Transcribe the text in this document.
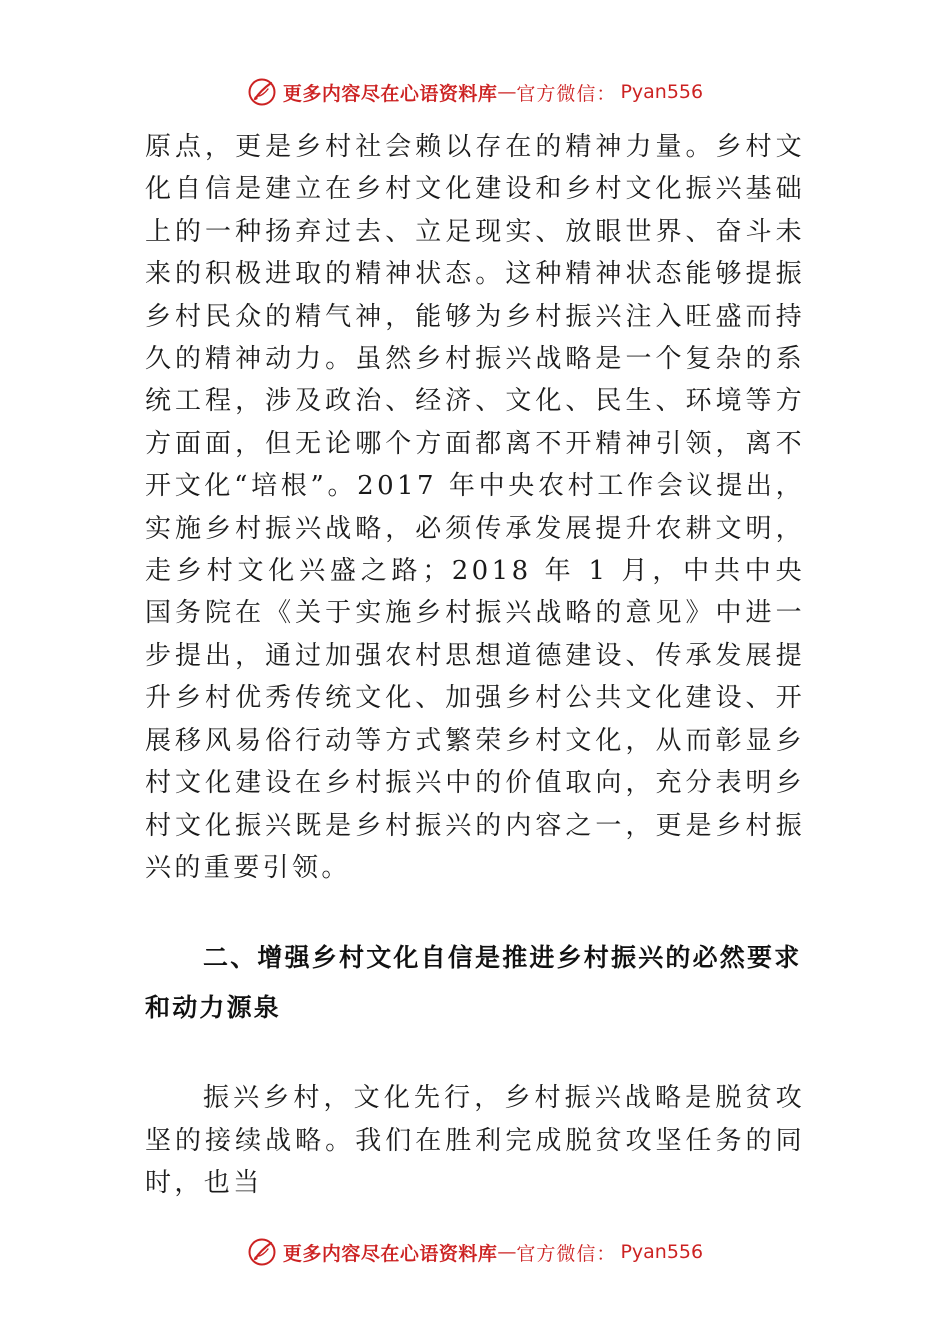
更多内容尽在心语资料库 — 官方微信： Pyan556

原点，更是乡村社会赖以存在的精神力量。乡村文化自信是建立在乡村文化建设和乡村文化振兴基础上的一种扬弃过去、立足现实、放眼世界、奋斗未来的积极进取的精神状态。这种精神状态能够提振乡村民众的精气神，能够为乡村振兴注入旺盛而持久的精神动力。虽然乡村振兴战略是一个复杂的系统工程，涉及政治、经济、文化、民生、环境等方方面面，但无论哪个方面都离不开精神引领，离不开文化“培根”。2017 年中央农村工作会议提出，实施乡村振兴战略，必须传承发展提升农耕文明，走乡村文化兴盛之路；2018 年 1 月，中共中央国务院在《关于实施乡村振兴战略的意见》中进一步提出，通过加强农村思想道德建设、传承发展提升乡村优秀传统文化、加强乡村公共文化建设、开展移风易俗行动等方式繁荣乡村文化，从而彰显乡村文化建设在乡村振兴中的价值取向，充分表明乡村文化振兴既是乡村振兴的内容之一，更是乡村振兴的重要引领。

二、增强乡村文化自信是推进乡村振兴的必然要求和动力源泉

振兴乡村，文化先行，乡村振兴战略是脱贫攻坚的接续战略。我们在胜利完成脱贫攻坚任务的同时，也当

更多内容尽在心语资料库 — 官方微信： Pyan556
